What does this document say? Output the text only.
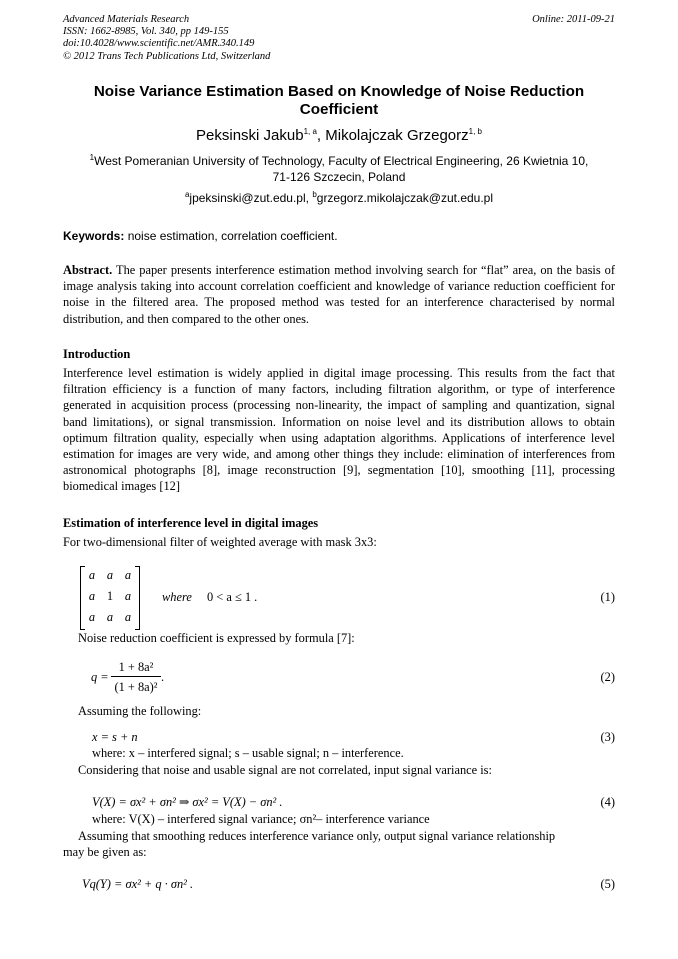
Advanced Materials Research
ISSN: 1662-8985, Vol. 340, pp 149-155
doi:10.4028/www.scientific.net/AMR.340.149
© 2012 Trans Tech Publications Ltd, Switzerland
Online: 2011-09-21
Noise Variance Estimation Based on Knowledge of Noise Reduction Coefficient
Peksinski Jakub$^{1, a}$, Mikolajczak Grzegorz$^{1, b}$
$^1$West Pomeranian University of Technology, Faculty of Electrical Engineering, 26 Kwietnia 10,
71-126 Szczecin, Poland
$^a$jpeksinski@zut.edu.pl, $^b$grzegorz.mikolajczak@zut.edu.pl
Keywords: noise estimation, correlation coefficient.
Abstract. The paper presents interference estimation method involving search for “flat” area, on the basis of image analysis taking into account correlation coefficient and knowledge of variance reduction coefficient for noise in the filtered area. The proposed method was tested for an interference characterised by normal distribution, and then compared to the other ones.
Introduction
Interference level estimation is widely applied in digital image processing. This results from the fact that filtration efficiency is a function of many factors, including filtration algorithm, or type of interference generated in acquisition process (processing non-linearity, the impact of sampling and quantization, signal band limitations), or signal transmission. Information on noise level and its distribution allows to obtain optimum filtration quality, especially when using adaptation algorithms. Applications of interference level estimation for images are very wide, and among other things they include: elimination of interferences from astronomical photographs [8], image reconstruction [9], segmentation [10], smoothing [11], processing biomedical images [12]
Estimation of interference level in digital images
For two-dimensional filter of weighted average with mask 3x3:
a a a
a 1 a
a a a
where 0 < a ≤ 1 .	(1)
Noise reduction coefficient is expressed by formula [7]:
q =	.	(2)
1 + 8a²
(1 + 8a)²
Assuming the following:
x = s + n	(3)
where: x – interfered signal; s – usable signal; n – interference.
Considering that noise and usable signal are not correlated, input signal variance is:
V(X) = σx² + σn² ⇒ σx² = V(X) − σn² .	(4)
where: V(X) – interfered signal variance; σn²– interference variance
Assuming that smoothing reduces interference variance only, output signal variance relationship
may be given as:
Vq(Y) = σx² + q · σn² .	(5)
